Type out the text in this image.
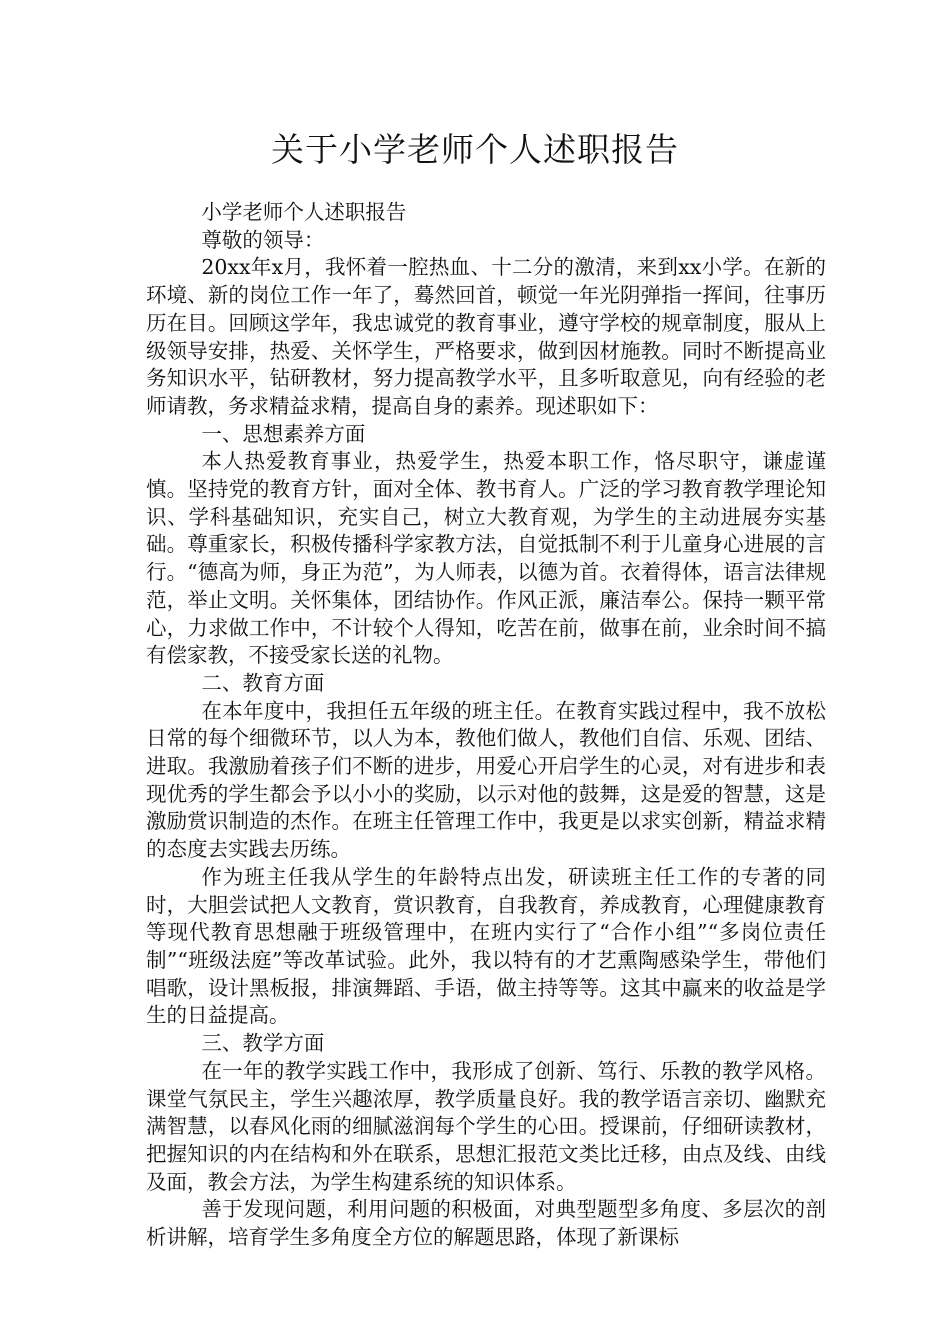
关于小学老师个人述职报告

小学老师个人述职报告

尊敬的领导：

20xx年x月，我怀着一腔热血、十二分的激清，来到xx小学。在新的环境、新的岗位工作一年了，蓦然回首，顿觉一年光阴弹指一挥间，往事历历在目。回顾这学年，我忠诚党的教育事业，遵守学校的规章制度，服从上级领导安排，热爱、关怀学生，严格要求，做到因材施教。同时不断提高业务知识水平，钻研教材，努力提高教学水平，且多听取意见，向有经验的老师请教，务求精益求精，提高自身的素养。现述职如下：

一、思想素养方面

本人热爱教育事业，热爱学生，热爱本职工作，恪尽职守，谦虚谨慎。坚持党的教育方针，面对全体、教书育人。广泛的学习教育教学理论知识、学科基础知识，充实自己，树立大教育观，为学生的主动进展夯实基础。尊重家长，积极传播科学家教方法，自觉抵制不利于儿童身心进展的言行。“德高为师，身正为范”，为人师表，以德为首。衣着得体，语言法律规范，举止文明。关怀集体，团结协作。作风正派，廉洁奉公。保持一颗平常心，力求做工作中，不计较个人得知，吃苦在前，做事在前，业余时间不搞有偿家教，不接受家长送的礼物。

二、教育方面

在本年度中，我担任五年级的班主任。在教育实践过程中，我不放松日常的每个细微环节，以人为本，教他们做人，教他们自信、乐观、团结、进取。我激励着孩子们不断的进步，用爱心开启学生的心灵，对有进步和表现优秀的学生都会予以小小的奖励，以示对他的鼓舞，这是爱的智慧，这是激励赏识制造的杰作。在班主任管理工作中，我更是以求实创新，精益求精的态度去实践去历练。

作为班主任我从学生的年龄特点出发，研读班主任工作的专著的同时，大胆尝试把人文教育，赏识教育，自我教育，养成教育，心理健康教育等现代教育思想融于班级管理中，在班内实行了“合作小组”“多岗位责任制”“班级法庭”等改革试验。此外，我以特有的才艺熏陶感染学生，带他们唱歌，设计黑板报，排演舞蹈、手语，做主持等等。这其中赢来的收益是学生的日益提高。

三、教学方面

在一年的教学实践工作中，我形成了创新、笃行、乐教的教学风格。课堂气氛民主，学生兴趣浓厚，教学质量良好。我的教学语言亲切、幽默充满智慧，以春风化雨的细腻滋润每个学生的心田。授课前，仔细研读教材，把握知识的内在结构和外在联系，思想汇报范文类比迁移，由点及线、由线及面，教会方法，为学生构建系统的知识体系。

善于发现问题，利用问题的积极面，对典型题型多角度、多层次的剖析讲解，培育学生多角度全方位的解题思路，体现了新课标
